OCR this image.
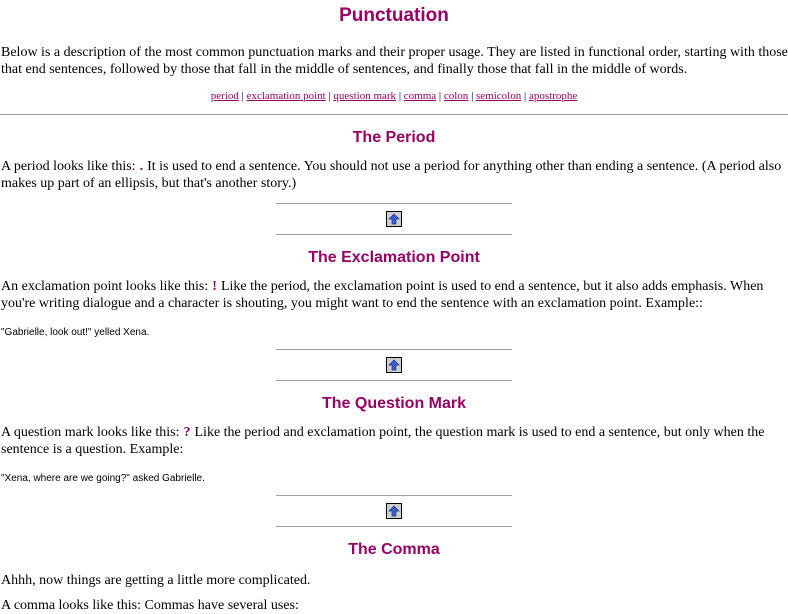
Punctuation

Below is a description of the most common punctuation marks and their proper usage. They are listed in functional order, starting with those that end sentences, followed by those that fall in the middle of sentences, and finally those that fall in the middle of words.

period | exclamation point | question mark | comma | colon | semicolon | apostrophe
The Period

A period looks like this: . It is used to end a sentence. You should not use a period for anything other than ending a sentence. (A period also makes up part of an ellipsis, but that's another story.)

The Exclamation Point

An exclamation point looks like this: ! Like the period, the exclamation point is used to end a sentence, but it also adds emphasis. When you're writing dialogue and a character is shouting, you might want to end the sentence with an exclamation point. Example::

"Gabrielle, look out!" yelled Xena.

The Question Mark

A question mark looks like this: ? Like the period and exclamation point, the question mark is used to end a sentence, but only when the sentence is a question. Example:

"Xena, where are we going?" asked Gabrielle.

The Comma

Ahhh, now things are getting a little more complicated.

A comma looks like this: Commas have several uses:
